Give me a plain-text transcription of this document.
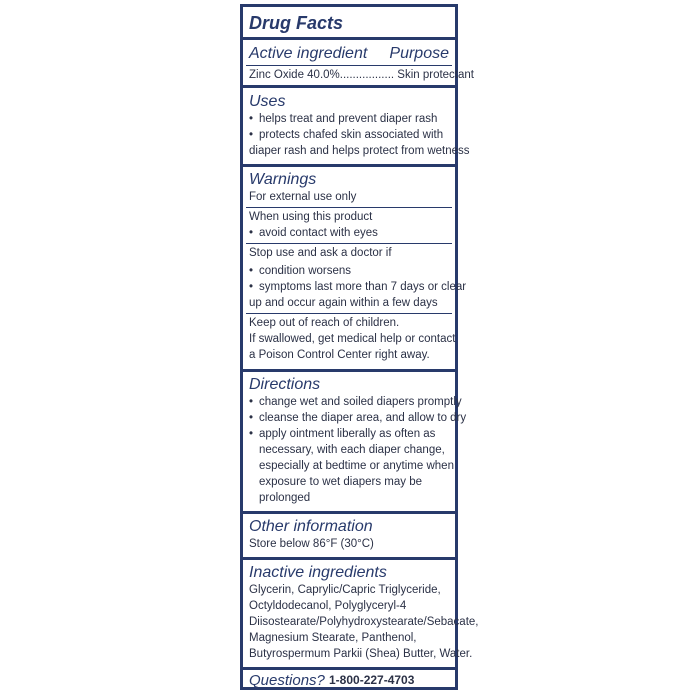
Drug Facts
Active ingredient Purpose
Zinc Oxide 40.0%................. Skin protectant
Uses
• helps treat and prevent diaper rash
• protects chafed skin associated with
diaper rash and helps protect from wetness
Warnings
For external use only
When using this product
• avoid contact with eyes
Stop use and ask a doctor if
• condition worsens
• symptoms last more than 7 days or clear
up and occur again within a few days
Keep out of reach of children.
If swallowed, get medical help or contact
a Poison Control Center right away.
Directions
• change wet and soiled diapers promptly
• cleanse the diaper area, and allow to dry
• apply ointment liberally as often as
necessary, with each diaper change,
especially at bedtime or anytime when
exposure to wet diapers may be
prolonged
Other information
Store below 86°F (30°C)
Inactive ingredients
Glycerin, Caprylic/Capric Triglyceride,
Octyldodecanol, Polyglyceryl-4
Diisostearate/Polyhydroxystearate/Sebacate,
Magnesium Stearate, Panthenol,
Butyrospermum Parkii (Shea) Butter, Water.
Questions? 1-800-227-4703
